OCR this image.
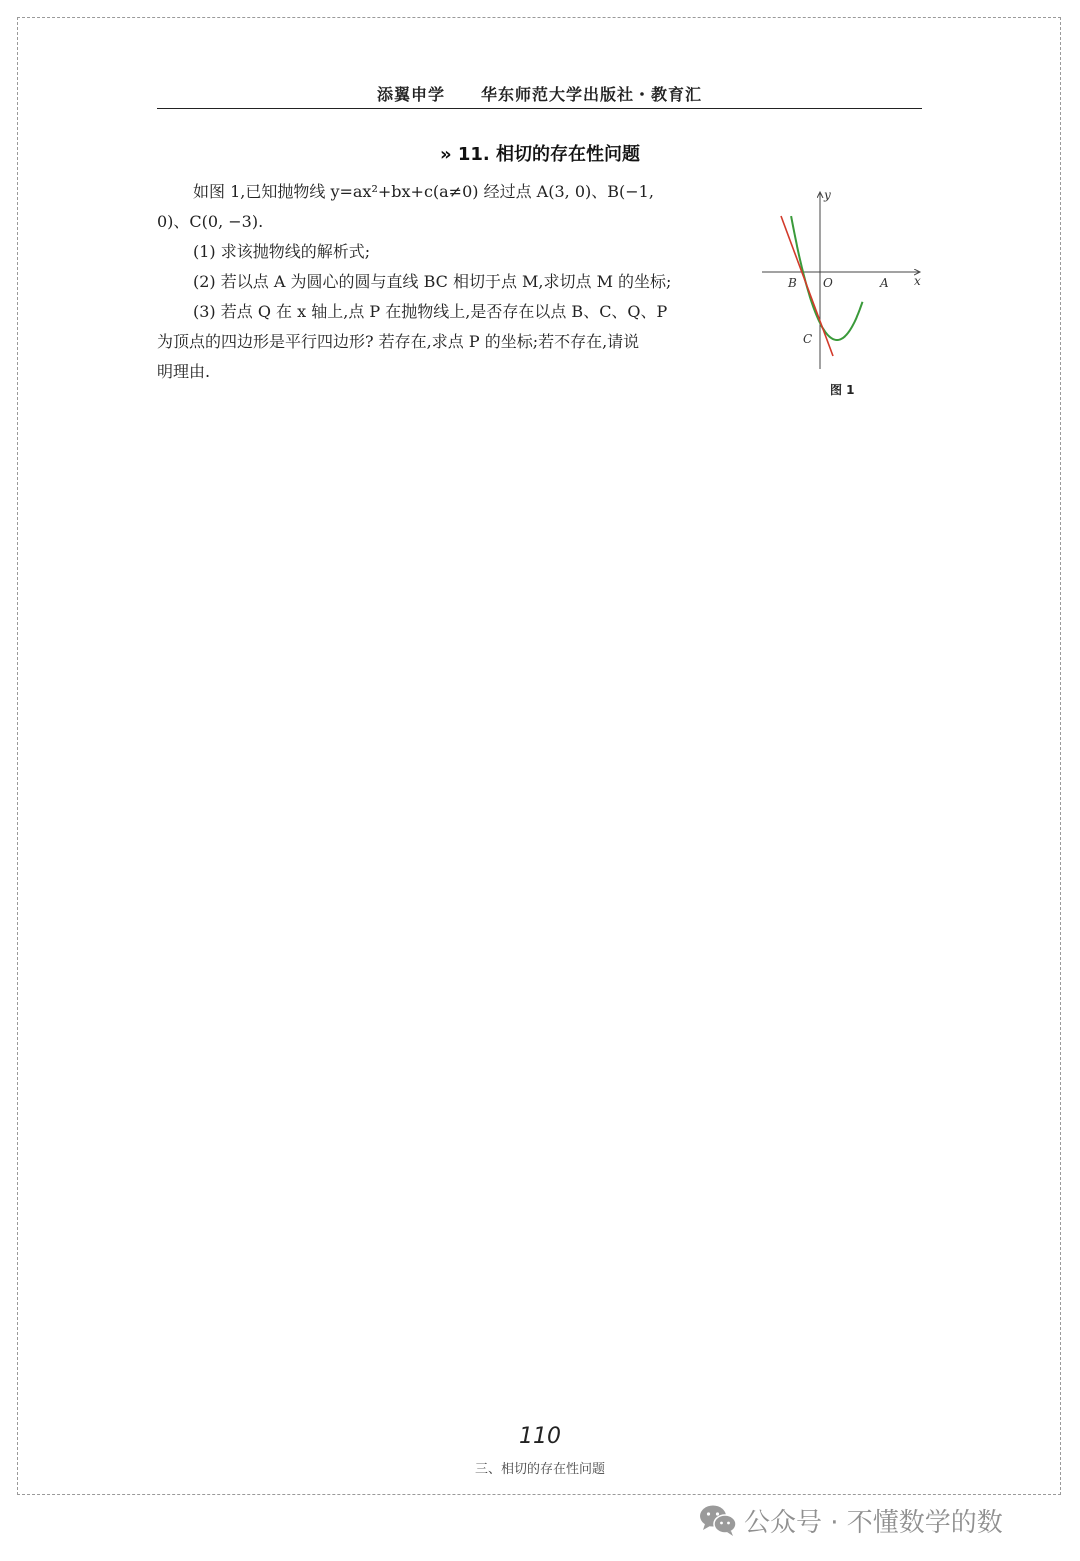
添翼申学 华东师范大学出版社・教育汇
» 11. 相切的存在性问题

如图 1,已知抛物线 y=ax²+bx+c(a≠0) 经过点 A(3, 0)、B(−1,

0)、C(0, −3).

(1) 求该抛物线的解析式;

(2) 若以点 A 为圆心的圆与直线 BC 相切于点 M,求切点 M 的坐标;

(3) 若点 Q 在 x 轴上,点 P 在抛物线上,是否存在以点 B、C、Q、P

为顶点的四边形是平行四边形? 若存在,求点 P 的坐标;若不存在,请说

明理由.

y
x
O	A
B
C
图 1
110
三、相切的存在性问题
公众号 · 不懂数学的数
